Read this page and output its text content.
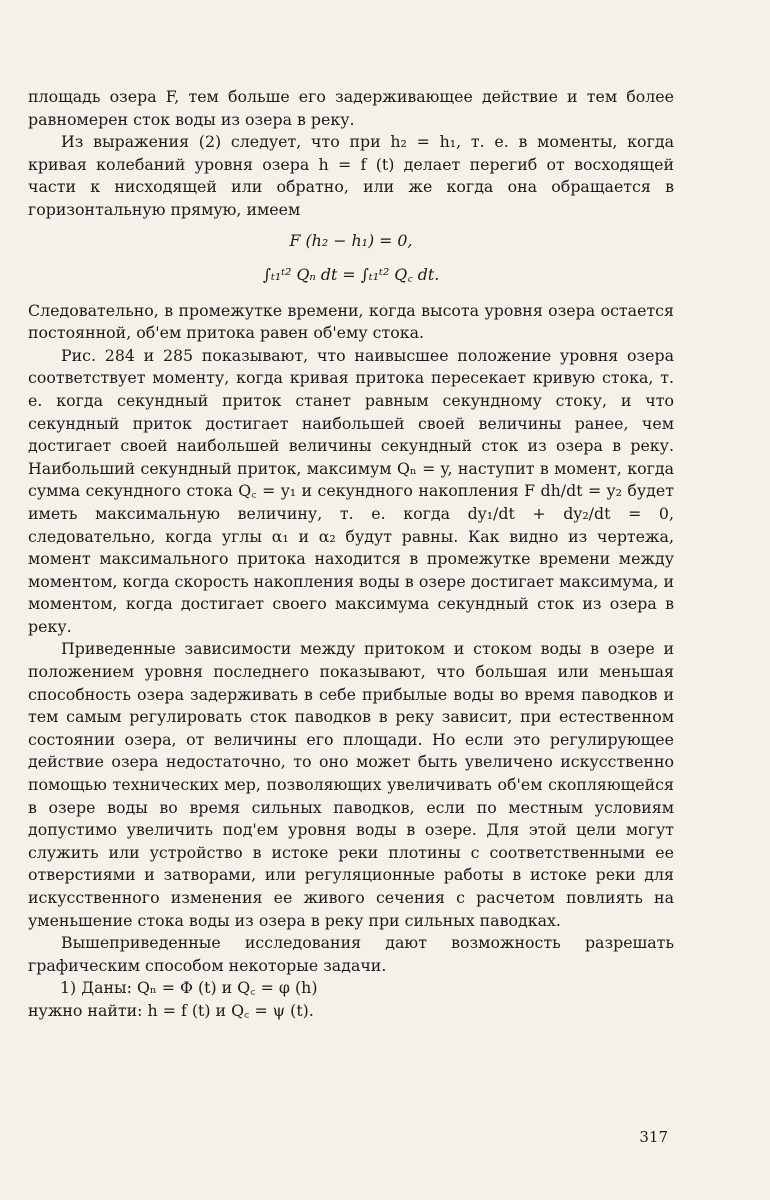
площадь озера F, тем больше его задерживающее действие и тем более равномерен сток воды из озера в реку.

Из выражения (2) следует, что при h₂ = h₁, т. е. в моменты, когда кривая колебаний уровня озера h = f (t) делает перегиб от восходящей части к нисходящей или обратно, или же когда она обращается в горизонтальную прямую, имеем

F (h₂ − h₁) = 0,
∫ₜ₁ᵗ² Qₙ dt = ∫ₜ₁ᵗ² Q꜀ dt.

Следовательно, в промежутке времени, когда высота уровня озера остается постоянной, об'ем притока равен об'ему стока.

Рис. 284 и 285 показывают, что наивысшее положение уровня озера соответствует моменту, когда кривая притока пересекает кривую стока, т. е. когда секундный приток станет равным секундному стоку, и что секундный приток достигает наибольшей своей величины ранее, чем достигает своей наибольшей величины секундный сток из озера в реку. Наибольший секундный приток, максимум Qₙ = y, наступит в момент, когда сумма секундного стока Q꜀ = y₁ и секундного накопления F dh/dt = y₂ будет иметь максимальную величину, т. е. когда dy₁/dt + dy₂/dt = 0, следовательно, когда углы α₁ и α₂ будут равны. Как видно из чертежа, момент максимального притока находится в промежутке времени между моментом, когда скорость накопления воды в озере достигает максимума, и моментом, когда достигает своего максимума секундный сток из озера в реку.

Приведенные зависимости между притоком и стоком воды в озере и положением уровня последнего показывают, что большая или меньшая способность озера задерживать в себе прибылые воды во время паводков и тем самым регулировать сток паводков в реку зависит, при естественном состоянии озера, от величины его площади. Но если это регулирующее действие озера недостаточно, то оно может быть увеличено искусственно помощью технических мер, позволяющих увеличивать об'ем скопляющейся в озере воды во время сильных паводков, если по местным условиям допустимо увеличить под'ем уровня воды в озере. Для этой цели могут служить или устройство в истоке реки плотины с соответственными ее отверстиями и затворами, или регуляционные работы в истоке реки для искусственного изменения ее живого сечения с расчетом повлиять на уменьшение стока воды из озера в реку при сильных паводках.

Вышеприведенные исследования дают возможность разрешать графическим способом некоторые задачи.

1) Даны: Qₙ = Φ (t) и Q꜀ = φ (h)
нужно найти: h = f (t) и Q꜀ = ψ (t).
317
